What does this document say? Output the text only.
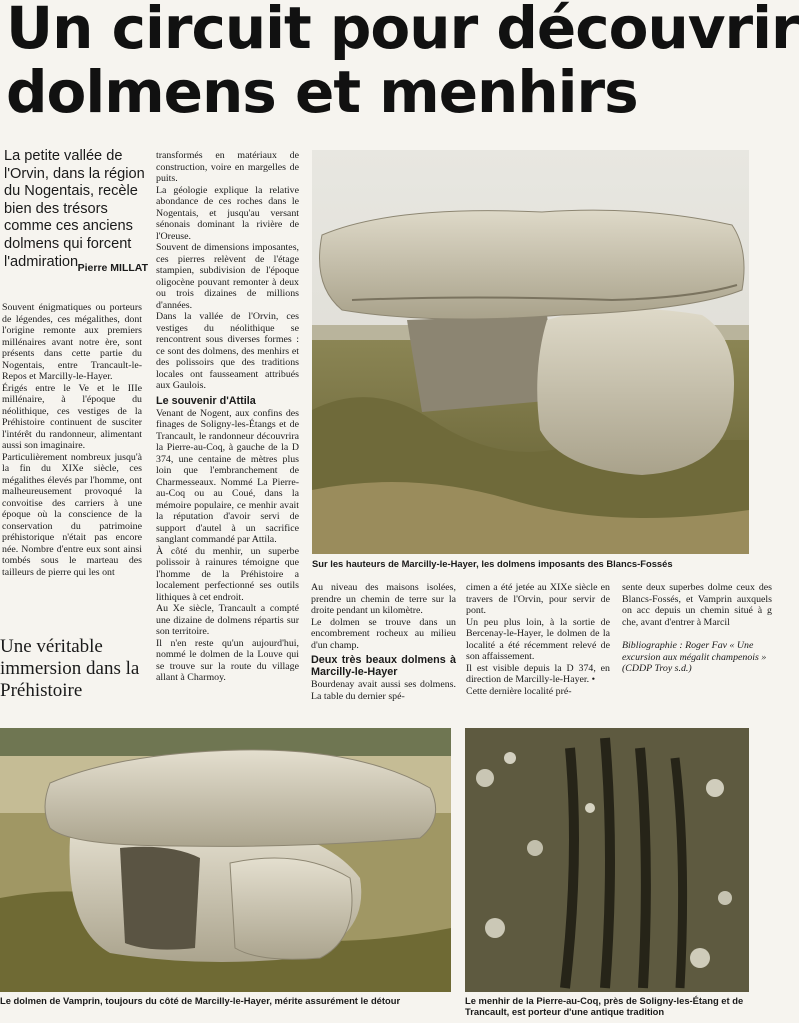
Un circuit pour découvrir
dolmens et menhirs
La petite vallée de l'Orvin, dans la région du Nogentais, recèle bien des trésors comme ces anciens dolmens qui forcent l'admiration Pierre MILLAT

Souvent énigmatiques ou porteurs de légendes, ces mégalithes, dont l'origine remonte aux premiers millénaires avant notre ère, sont présents dans cette partie du Nogentais, entre Trancault-le-Repos et Marcilly-le-Hayer.

Érigés entre le Ve et le IIIe millénaire, à l'époque du néolithique, ces vestiges de la Préhistoire continuent de susciter l'intérêt du randonneur, alimentant aussi son imaginaire.

Particulièrement nombreux jusqu'à la fin du XIXe siècle, ces mégalithes élevés par l'homme, ont malheureusement provoqué la convoitise des carriers à une époque où la conscience de la conservation du patrimoine préhistorique n'était pas encore née. Nombre d'entre eux sont ainsi tombés sous le marteau des tailleurs de pierre qui les ont

Une véritable immersion dans la Préhistoire

transformés en matériaux de construction, voire en margelles de puits.

La géologie explique la relative abondance de ces roches dans le Nogentais, et jusqu'au versant sénonais dominant la rivière de l'Oreuse.

Souvent de dimensions imposantes, ces pierres relèvent de l'étage stampien, subdivision de l'époque oligocène pouvant remonter à deux ou trois dizaines de millions d'années.

Dans la vallée de l'Orvin, ces vestiges du néolithique se rencontrent sous diverses formes : ce sont des dolmens, des menhirs et des polissoirs que des traditions locales ont fausseament attribués aux Gaulois.

Le souvenir d'Attila

Venant de Nogent, aux confins des finages de Soligny-les-Étangs et de Trancault, le randonneur découvrira la Pierre-au-Coq, à gauche de la D 374, une centaine de mètres plus loin que l'embranchement de Charmesseaux. Nommé La Pierre-au-Coq ou au Coué, dans la mémoire populaire, ce menhir avait la réputation d'avoir servi de support d'autel à un sacrifice sanglant commandé par Attila.

À côté du menhir, un superbe polissoir à rainures témoigne que l'homme de la Préhistoire a localement perfectionné ses outils lithiques à cet endroit.

Au Xe siècle, Trancault a compté une dizaine de dolmens répartis sur son territoire.

Il n'en reste qu'un aujourd'hui, nommé le dolmen de la Louve qui se trouve sur la route du village allant à Charmoy.

Sur les hauteurs de Marcilly-le-Hayer, les dolmens imposants des Blancs-Fossés

Au niveau des maisons isolées, prendre un chemin de terre sur la droite pendant un kilomètre.

Le dolmen se trouve dans un encombrement rocheux au milieu d'un champ.

Deux très beaux dolmens à Marcilly-le-Hayer

Bourdenay avait aussi ses dolmens. La table du dernier spé-

cimen a été jetée au XIXe siècle en travers de l'Orvin, pour servir de pont.

Un peu plus loin, à la sortie de Bercenay-le-Hayer, le dolmen de la localité a été récemment relevé de son affaissement.

Il est visible depuis la D 374, en direction de Marcilly-le-Hayer. •

Cette dernière localité pré-

sente deux superbes dolme ceux des Blancs-Fossés, et Vamprin auxquels on acc depuis un chemin situé à g che, avant d'entrer à Marcil
Bibliographie : Roger Fav « Une excursion aux mégalit champenois » (CDDP Troy s.d.)
Le dolmen de Vamprin, toujours du côté de Marcilly-le-Hayer, mérite assurément le détour	Le menhir de la Pierre-au-Coq, près de Soligny-les-Étang et de Trancault, est porteur d'une antique tradition
